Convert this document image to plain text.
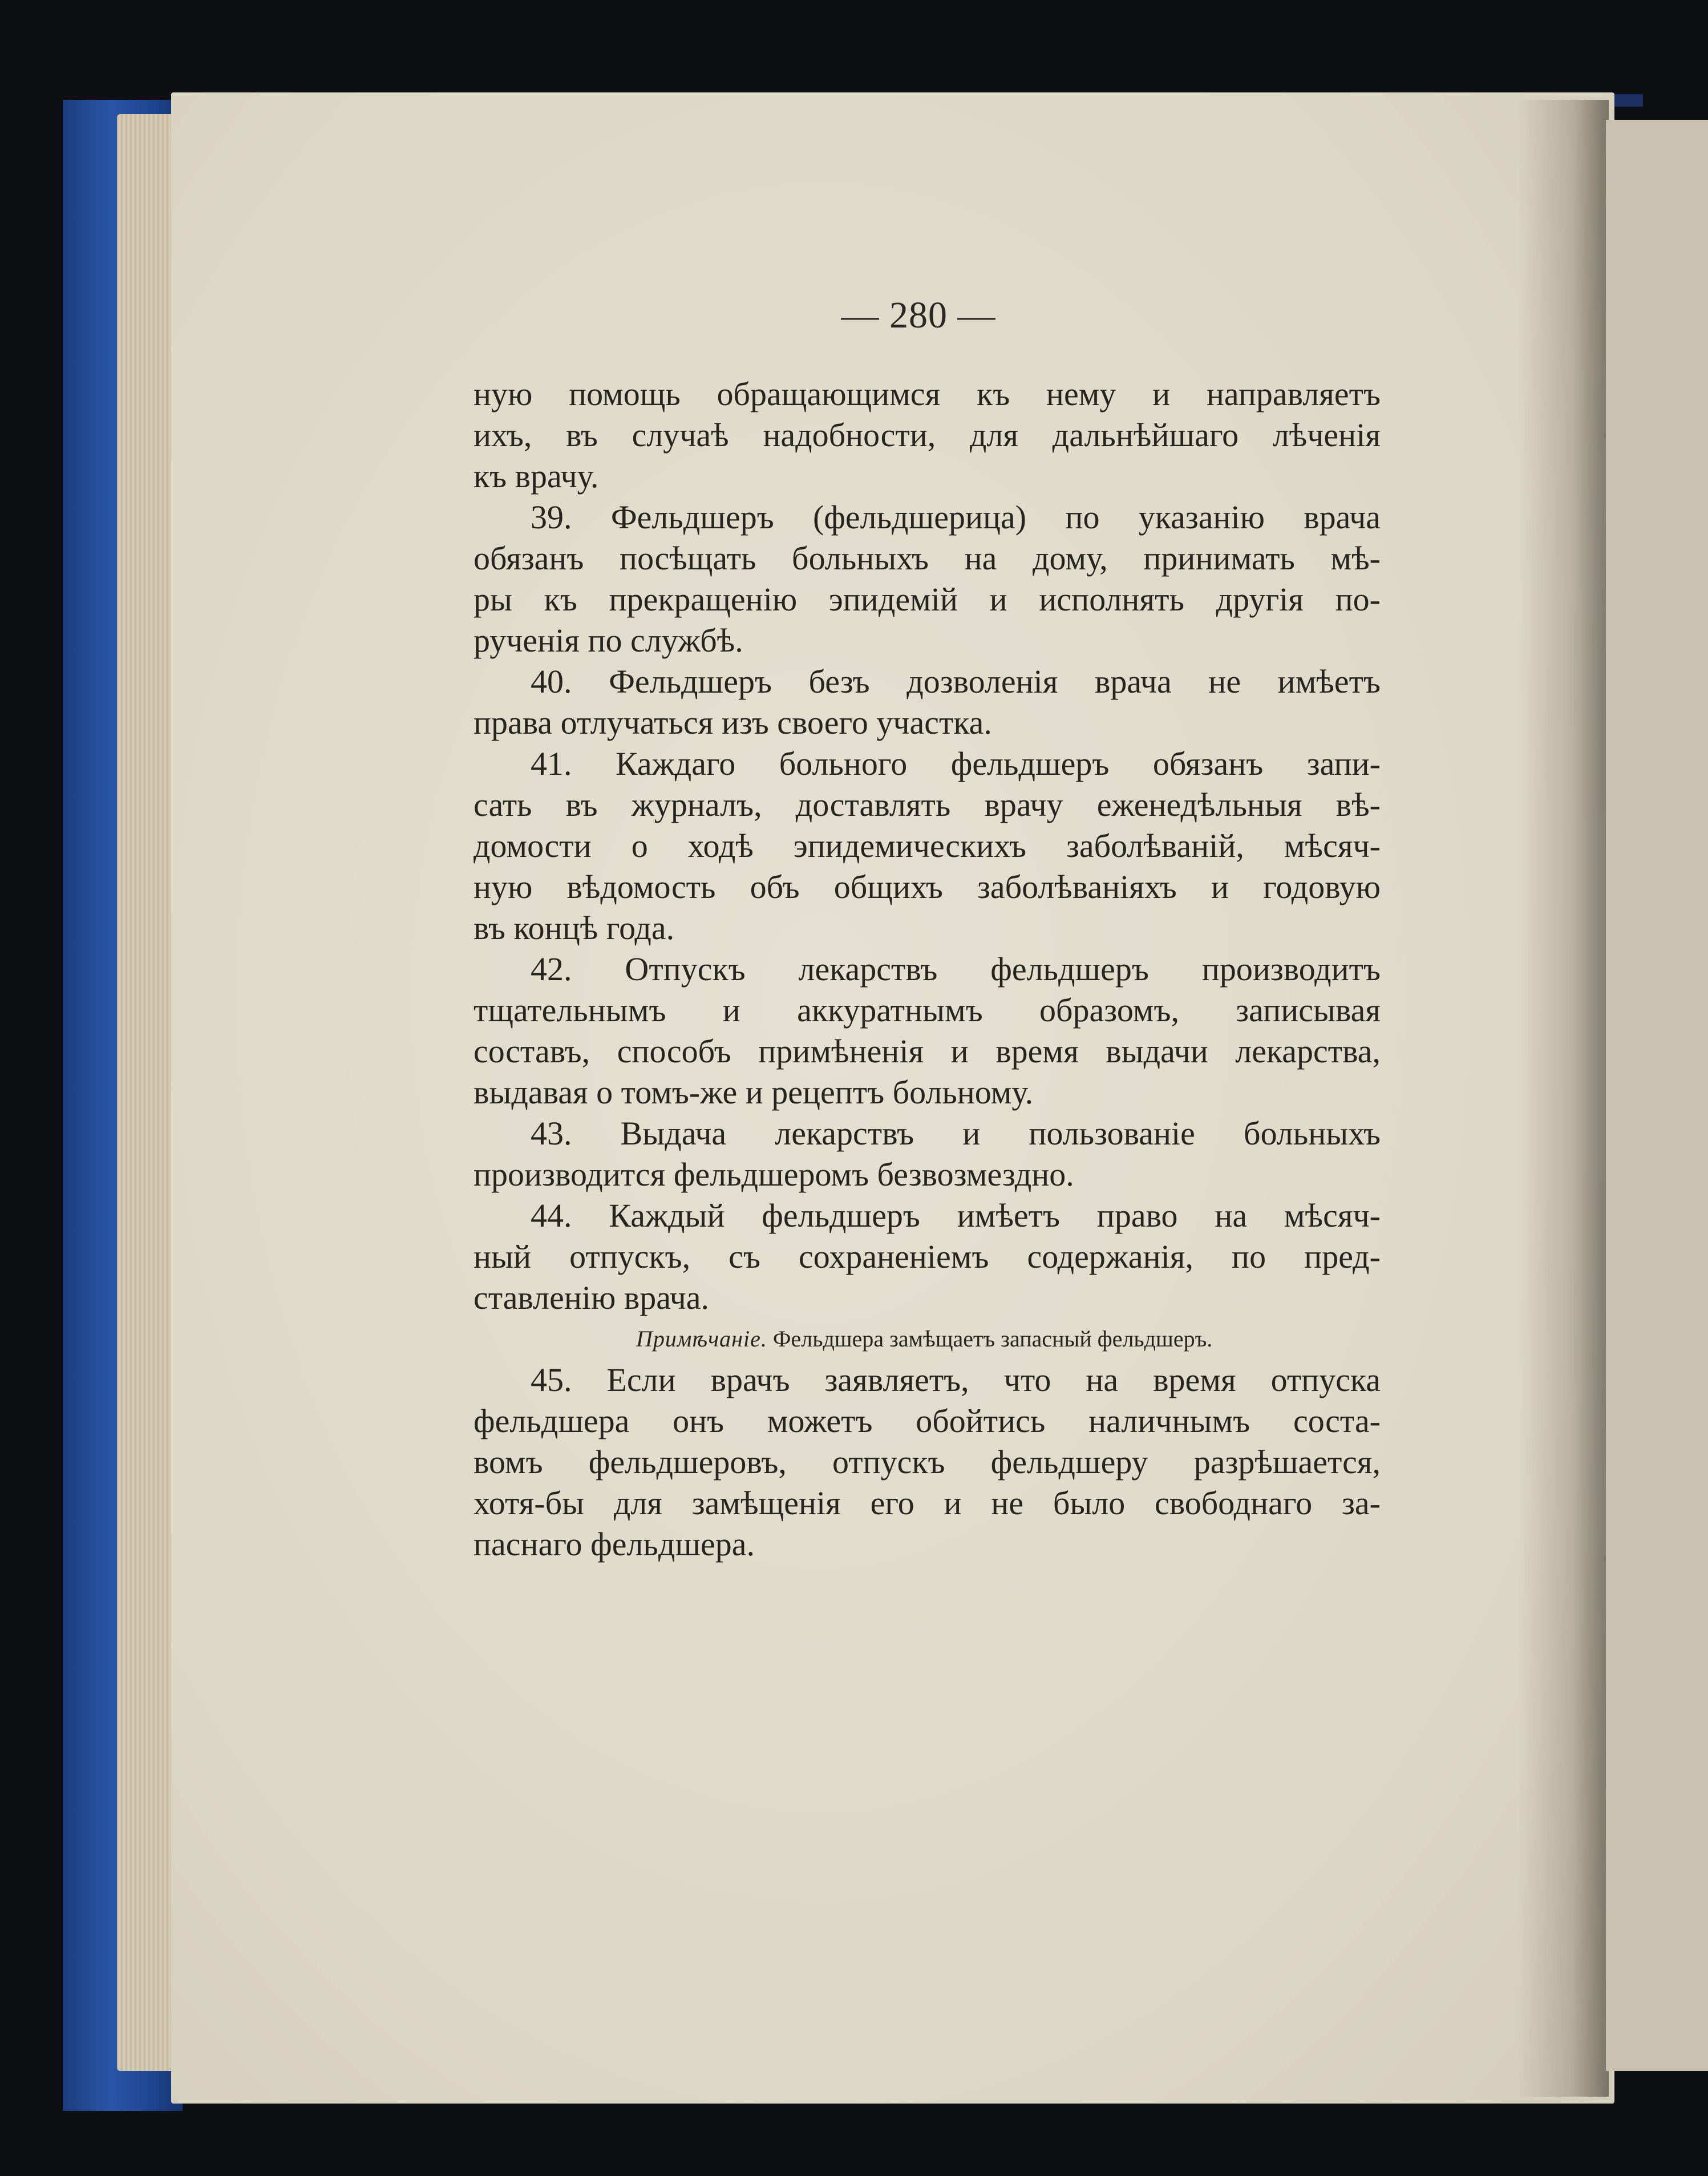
— 280 —
ную помощь обращающимся къ нему и направляетъ
ихъ, въ случаѣ надобности, для дальнѣйшаго лѣченія
къ врачу.
39. Фельдшеръ (фельдшерица) по указанію врача
обязанъ посѣщать больныхъ на дому, принимать мѣ-
ры къ прекращенію эпидемій и исполнять другія по-
рученія по службѣ.
40. Фельдшеръ безъ дозволенія врача не имѣетъ
права отлучаться изъ своего участка.
41. Каждаго больного фельдшеръ обязанъ запи-
сать въ журналъ, доставлять врачу еженедѣльныя вѣ-
домости о ходѣ эпидемическихъ заболѣваній, мѣсяч-
ную вѣдомость объ общихъ заболѣваніяхъ и годовую
въ концѣ года.
42. Отпускъ лекарствъ фельдшеръ производитъ
тщательнымъ и аккуратнымъ образомъ, записывая
составъ, способъ примѣненія и время выдачи лекарства,
выдавая о томъ-же и рецептъ больному.
43. Выдача лекарствъ и пользованіе больныхъ
производится фельдшеромъ безвозмездно.
44. Каждый фельдшеръ имѣетъ право на мѣсяч-
ный отпускъ, съ сохраненіемъ содержанія, по пред-
ставленію врача.
Примѣчаніе. Фельдшера замѣщаетъ запасный фельдшеръ.
45. Если врачъ заявляетъ, что на время отпуска
фельдшера онъ можетъ обойтись наличнымъ соста-
вомъ фельдшеровъ, отпускъ фельдшеру разрѣшается,
хотя-бы для замѣщенія его и не было свободнаго за-
паснаго фельдшера.
